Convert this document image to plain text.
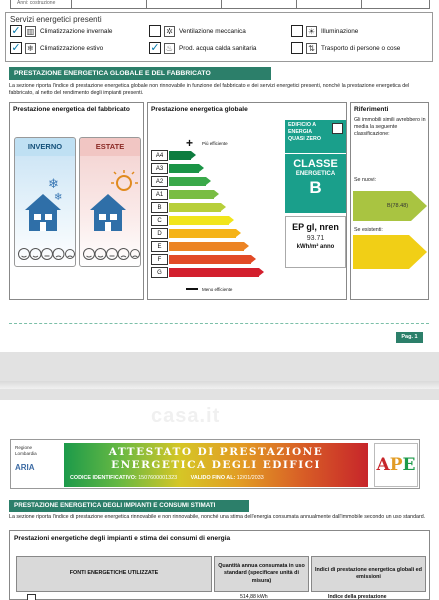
Anni: costruzione
Servizi energetici presenti
✓ ▥ Climatizzazione invernale	✲ Ventilazione meccanica	☀ Illuminazione
✓ ❄ Climatizzazione estivo	✓ ♨ Prod. acqua calda sanitaria	⇅ Trasporto di persone o cose
PRESTAZIONE ENERGETICA GLOBALE E DEL FABBRICATO
La sezione riporta l'indice di prestazione energetica globale non rinnovabile in funzione del fabbricato e dei servizi energetici presenti, nonché la prestazione energetica del fabbricato, al netto del rendimento degli impianti presenti.
Prestazione energetica del fabbricato
INVERNO
❄
❄
ESTATE
Prestazione energetica globale
+ Più efficiente
A4
A3
A2
A1
B
C
D
E
F
G
Meno efficiente
EDIFICIO A ENERGIA QUASI ZERO
CLASSE
ENERGETICA
B
EP gl, nren
93.71
kWh/m² anno
Riferimenti
Gli immobili simili avrebbero in media la seguente classificazione:
Se nuovi:
B(78.48)
Se esistenti:
Pag. 1
casa.it
Regione
Lombardia
ARIA
ATTESTATO DI PRESTAZIONE
ENERGETICA DEGLI EDIFICI
CODICE IDENTIFICATIVO: 1507600001323	VALIDO FINO AL: 12/01/2033
A P E
PRESTAZIONE ENERGETICA DEGLI IMPIANTI E CONSUMI STIMATI
La sezione riporta l'indice di prestazione energetica rinnovabile e non rinnovabile, nonché una stima dell'energia consumata annualmente dall'immobile secondo un uso standard.
Prestazioni energetiche degli impianti e stima dei consumi di energia
FONTI ENERGETICHE UTILIZZATE
Quantità annua consumata in uso standard (specificare unità di misura)
Indici di prestazione energetica globali ed emissioni
514,88 kWh	Indice della prestazione
